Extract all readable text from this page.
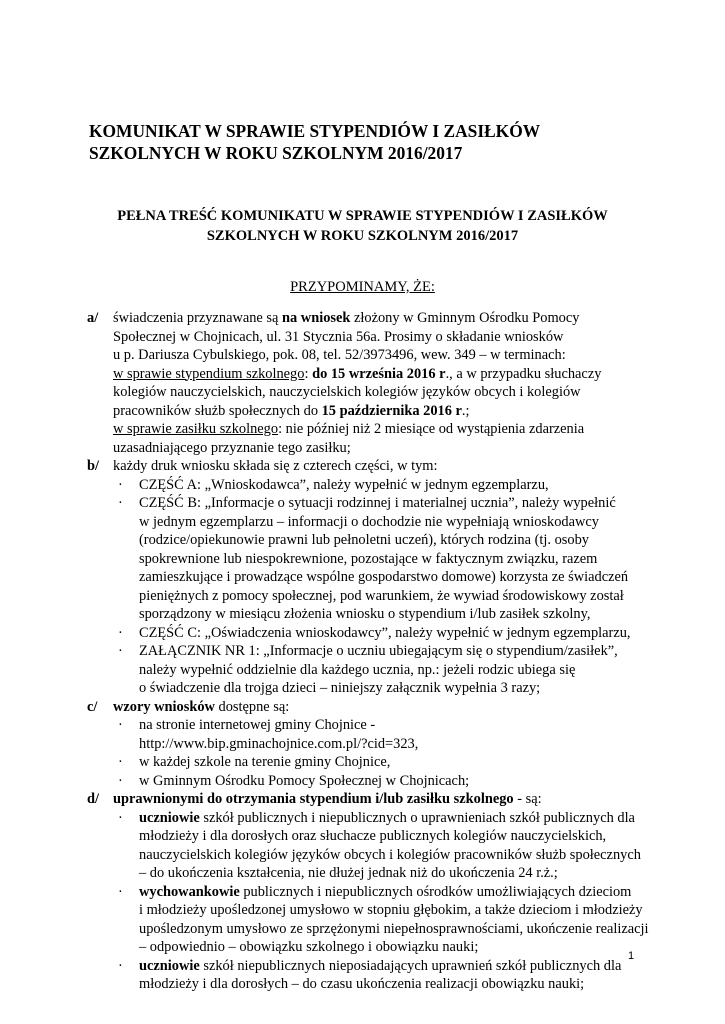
KOMUNIKAT W SPRAWIE STYPENDIÓW I ZASIŁKÓW
SZKOLNYCH W ROKU SZKOLNYM 2016/2017
PEŁNA TREŚĆ KOMUNIKATU W SPRAWIE STYPENDIÓW I ZASIŁKÓW
SZKOLNYCH W ROKU SZKOLNYM 2016/2017
PRZYPOMINAMY, ŻE:
a/ świadczenia przyznawane są na wniosek złożony w Gminnym Ośrodku Pomocy
Społecznej w Chojnicach, ul. 31 Stycznia 56a. Prosimy o składanie wniosków
u p. Dariusza Cybulskiego, pok. 08, tel. 52/3973496, wew. 349 – w terminach:
w sprawie stypendium szkolnego: do 15 września 2016 r., a w przypadku słuchaczy
kolegiów nauczycielskich, nauczycielskich kolegiów języków obcych i kolegiów
pracowników służb społecznych do 15 października 2016 r.;
w sprawie zasiłku szkolnego: nie później niż 2 miesiące od wystąpienia zdarzenia
uzasadniającego przyznanie tego zasiłku;
b/ każdy druk wniosku składa się z czterech części, w tym:
· CZĘŚĆ A: „Wnioskodawca”, należy wypełnić w jednym egzemplarzu,
· CZĘŚĆ B: „Informacje o sytuacji rodzinnej i materialnej ucznia”, należy wypełnić
w jednym egzemplarzu – informacji o dochodzie nie wypełniają wnioskodawcy
(rodzice/opiekunowie prawni lub pełnoletni uczeń), których rodzina (tj. osoby
spokrewnione lub niespokrewnione, pozostające w faktycznym związku, razem
zamieszkujące i prowadzące wspólne gospodarstwo domowe) korzysta ze świadczeń
pieniężnych z pomocy społecznej, pod warunkiem, że wywiad środowiskowy został
sporządzony w miesiącu złożenia wniosku o stypendium i/lub zasiłek szkolny,
· CZĘŚĆ C: „Oświadczenia wnioskodawcy”, należy wypełnić w jednym egzemplarzu,
· ZAŁĄCZNIK NR 1: „Informacje o uczniu ubiegającym się o stypendium/zasiłek”,
należy wypełnić oddzielnie dla każdego ucznia, np.: jeżeli rodzic ubiega się
o świadczenie dla trojga dzieci – niniejszy załącznik wypełnia 3 razy;
c/ wzory wniosków dostępne są:
· na stronie internetowej gminy Chojnice -
http://www.bip.gminachojnice.com.pl/?cid=323,
· w każdej szkole na terenie gminy Chojnice,
· w Gminnym Ośrodku Pomocy Społecznej w Chojnicach;
d/ uprawnionymi do otrzymania stypendium i/lub zasiłku szkolnego - są:
· uczniowie szkół publicznych i niepublicznych o uprawnieniach szkół publicznych dla
młodzieży i dla dorosłych oraz słuchacze publicznych kolegiów nauczycielskich,
nauczycielskich kolegiów języków obcych i kolegiów pracowników służb społecznych
– do ukończenia kształcenia, nie dłużej jednak niż do ukończenia 24 r.ż.;
· wychowankowie publicznych i niepublicznych ośrodków umożliwiających dzieciom
i młodzieży upośledzonej umysłowo w stopniu głębokim, a także dzieciom i młodzieży
upośledzonym umysłowo ze sprzężonymi niepełnosprawnościami, ukończenie realizacji
– odpowiednio – obowiązku szkolnego i obowiązku nauki;
· uczniowie szkół niepublicznych nieposiadających uprawnień szkół publicznych dla
młodzieży i dla dorosłych – do czasu ukończenia realizacji obowiązku nauki;
1
